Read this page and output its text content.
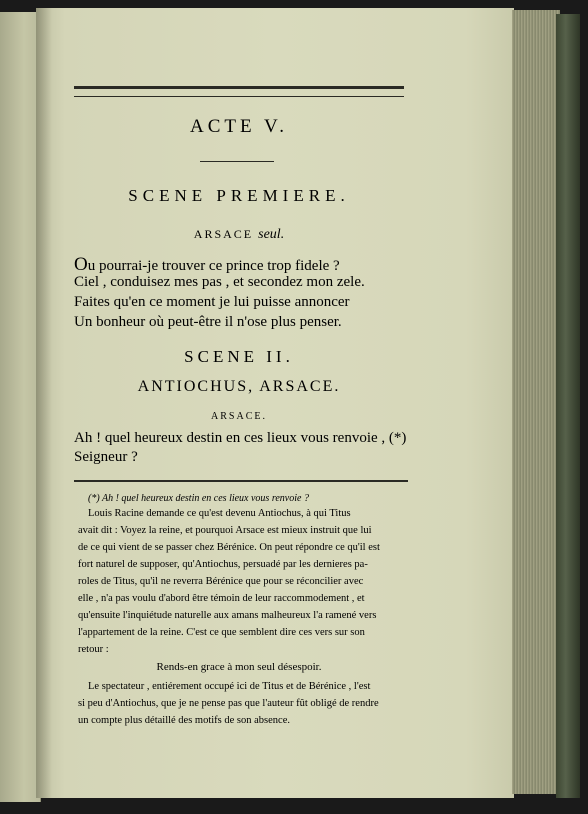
ACTE V.
SCENE PREMIERE.
ARSACE seul.
Ou pourrai-je trouver ce prince trop fidele ?
Ciel , conduisez mes pas , et secondez mon zele.
Faites qu'en ce moment je lui puisse annoncer
Un bonheur où peut-être il n'ose plus penser.
SCENE II.
ANTIOCHUS, ARSACE.
ARSACE.
Ah ! quel heureux destin en ces lieux vous renvoie , (*)
Seigneur ?
(*) Ah ! quel heureux destin en ces lieux vous renvoie ?
Louis Racine demande ce qu'est devenu Antiochus, à qui Titus
avait dit : Voyez la reine, et pourquoi Arsace est mieux instruit que lui
de ce qui vient de se passer chez Bérénice. On peut répondre ce qu'il est
fort naturel de supposer, qu'Antiochus, persuadé par les dernieres pa-
roles de Titus, qu'il ne reverra Bérénice que pour se réconcilier avec
elle , n'a pas voulu d'abord être témoin de leur raccommodement , et
qu'ensuite l'inquiétude naturelle aux amans malheureux l'a ramené vers
l'appartement de la reine. C'est ce que semblent dire ces vers sur son
retour :
Rends-en grace à mon seul désespoir.
Le spectateur , entiérement occupé ici de Titus et de Bérénice , l'est
si peu d'Antiochus, que je ne pense pas que l'auteur fût obligé de rendre
un compte plus détaillé des motifs de son absence.
